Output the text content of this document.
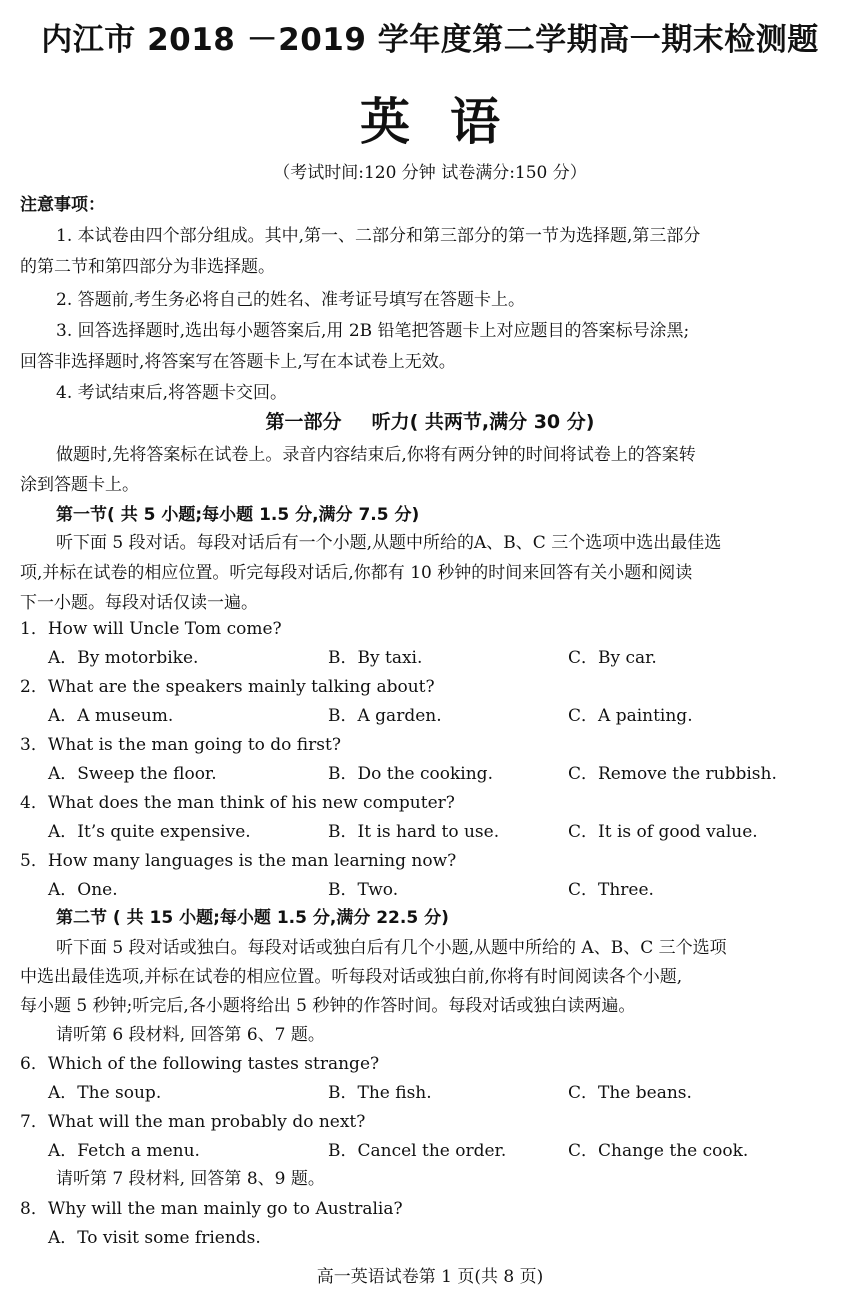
内江市 2018 －2019 学年度第二学期高一期末检测题
英语
（考试时间:120 分钟 试卷满分:150 分）
注意事项：
1. 本试卷由四个部分组成。其中,第一、二部分和第三部分的第一节为选择题,第三部分
的第二节和第四部分为非选择题。
2. 答题前,考生务必将自己的姓名、准考证号填写在答题卡上。
3. 回答选择题时,选出每小题答案后,用 2B 铅笔把答题卡上对应题目的答案标号涂黑;
回答非选择题时,将答案写在答题卡上,写在本试卷上无效。
4. 考试结束后,将答题卡交回。
第一部分 听力( 共两节,满分 30 分)
做题时,先将答案标在试卷上。录音内容结束后,你将有两分钟的时间将试卷上的答案转
涂到答题卡上。
第一节( 共 5 小题;每小题 1.5 分,满分 7.5 分)
听下面 5 段对话。每段对话后有一个小题,从题中所给的A、B、C 三个选项中选出最佳选
项,并标在试卷的相应位置。听完每段对话后,你都有 10 秒钟的时间来回答有关小题和阅读
下一小题。每段对话仅读一遍。
1．How will Uncle Tom come?
A．By motorbike.	B．By taxi.	C．By car.
2．What are the speakers mainly talking about?
A．A museum.	B．A garden.	C．A painting.
3．What is the man going to do first?
A．Sweep the floor.	B．Do the cooking.	C．Remove the rubbish.
4．What does the man think of his new computer?
A．It’s quite expensive.	B．It is hard to use.	C．It is of good value.
5．How many languages is the man learning now?
A．One.	B．Two.	C．Three.
第二节 ( 共 15 小题;每小题 1.5 分,满分 22.5 分)
听下面 5 段对话或独白。每段对话或独白后有几个小题,从题中所给的 A、B、C 三个选项
中选出最佳选项,并标在试卷的相应位置。听每段对话或独白前,你将有时间阅读各个小题,
每小题 5 秒钟;听完后,各小题将给出 5 秒钟的作答时间。每段对话或独白读两遍。
请听第 6 段材料, 回答第 6、7 题。
6．Which of the following tastes strange?
A．The soup.	B．The fish.	C．The beans.
7．What will the man probably do next?
A．Fetch a menu.	B．Cancel the order.	C．Change the cook.
请听第 7 段材料, 回答第 8、9 题。
8．Why will the man mainly go to Australia?
A．To visit some friends.
高一英语试卷第 1 页(共 8 页)
